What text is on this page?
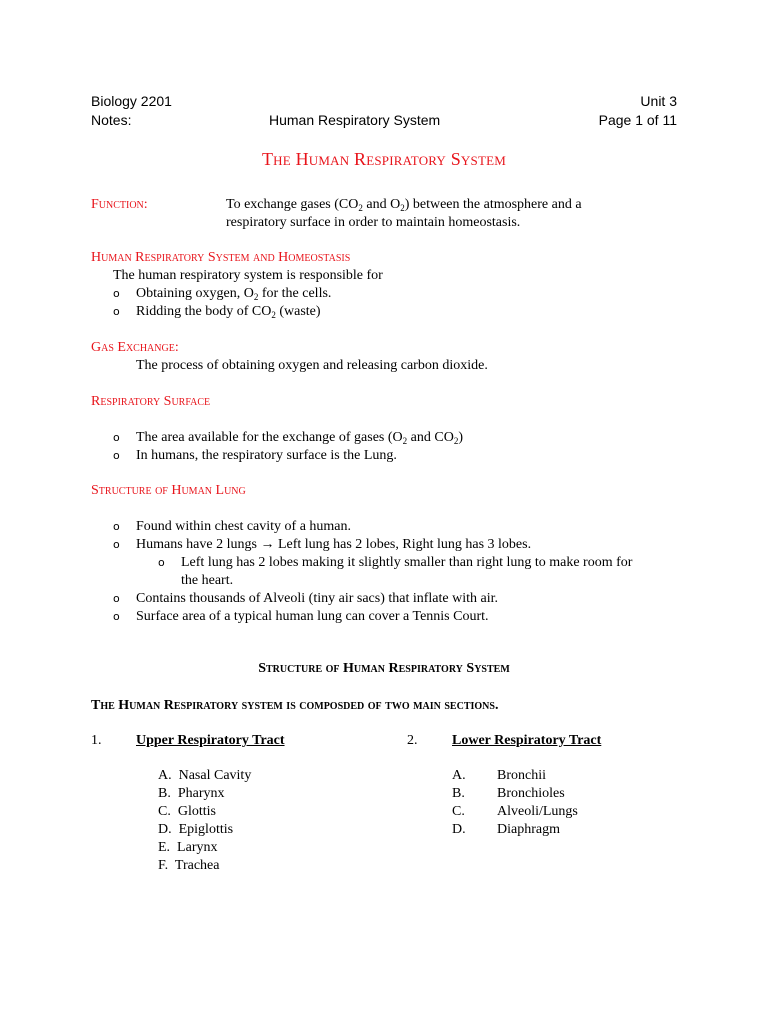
Biology 2201	Unit 3
Notes:	Human Respiratory System	Page 1 of 11
The Human Respiratory System
Function:	To exchange gases ($CO_2$ and $O_2$) between the atmosphere and a
respiratory surface in order to maintain homeostasis.
Human Respiratory System and Homeostasis
The human respiratory system is responsible for
o Obtaining oxygen, $O_2$ for the cells.
o Ridding the body of $CO_2$ (waste)
Gas Exchange:
The process of obtaining oxygen and releasing carbon dioxide.
Respiratory Surface
o The area available for the exchange of gases ($O_2$ and $CO_2$)
o In humans, the respiratory surface is the Lung.
Structure of Human Lung
o Found within chest cavity of a human.
o Humans have 2 lungs → Left lung has 2 lobes, Right lung has 3 lobes.
o Left lung has 2 lobes making it slightly smaller than right lung to make room for
the heart.
o Contains thousands of Alveoli (tiny air sacs) that inflate with air.
o Surface area of a typical human lung can cover a Tennis Court.
Structure of Human Respiratory System
The Human Respiratory system is composded of two main sections.
1. Upper Respiratory Tract
A.  Nasal Cavity
B.  Pharynx
C.  Glottis
D.  Epiglottis
E.  Larynx
F.  Trachea
2. Lower Respiratory Tract
A. Bronchii
B. Bronchioles
C. Alveoli/Lungs
D. Diaphragm
